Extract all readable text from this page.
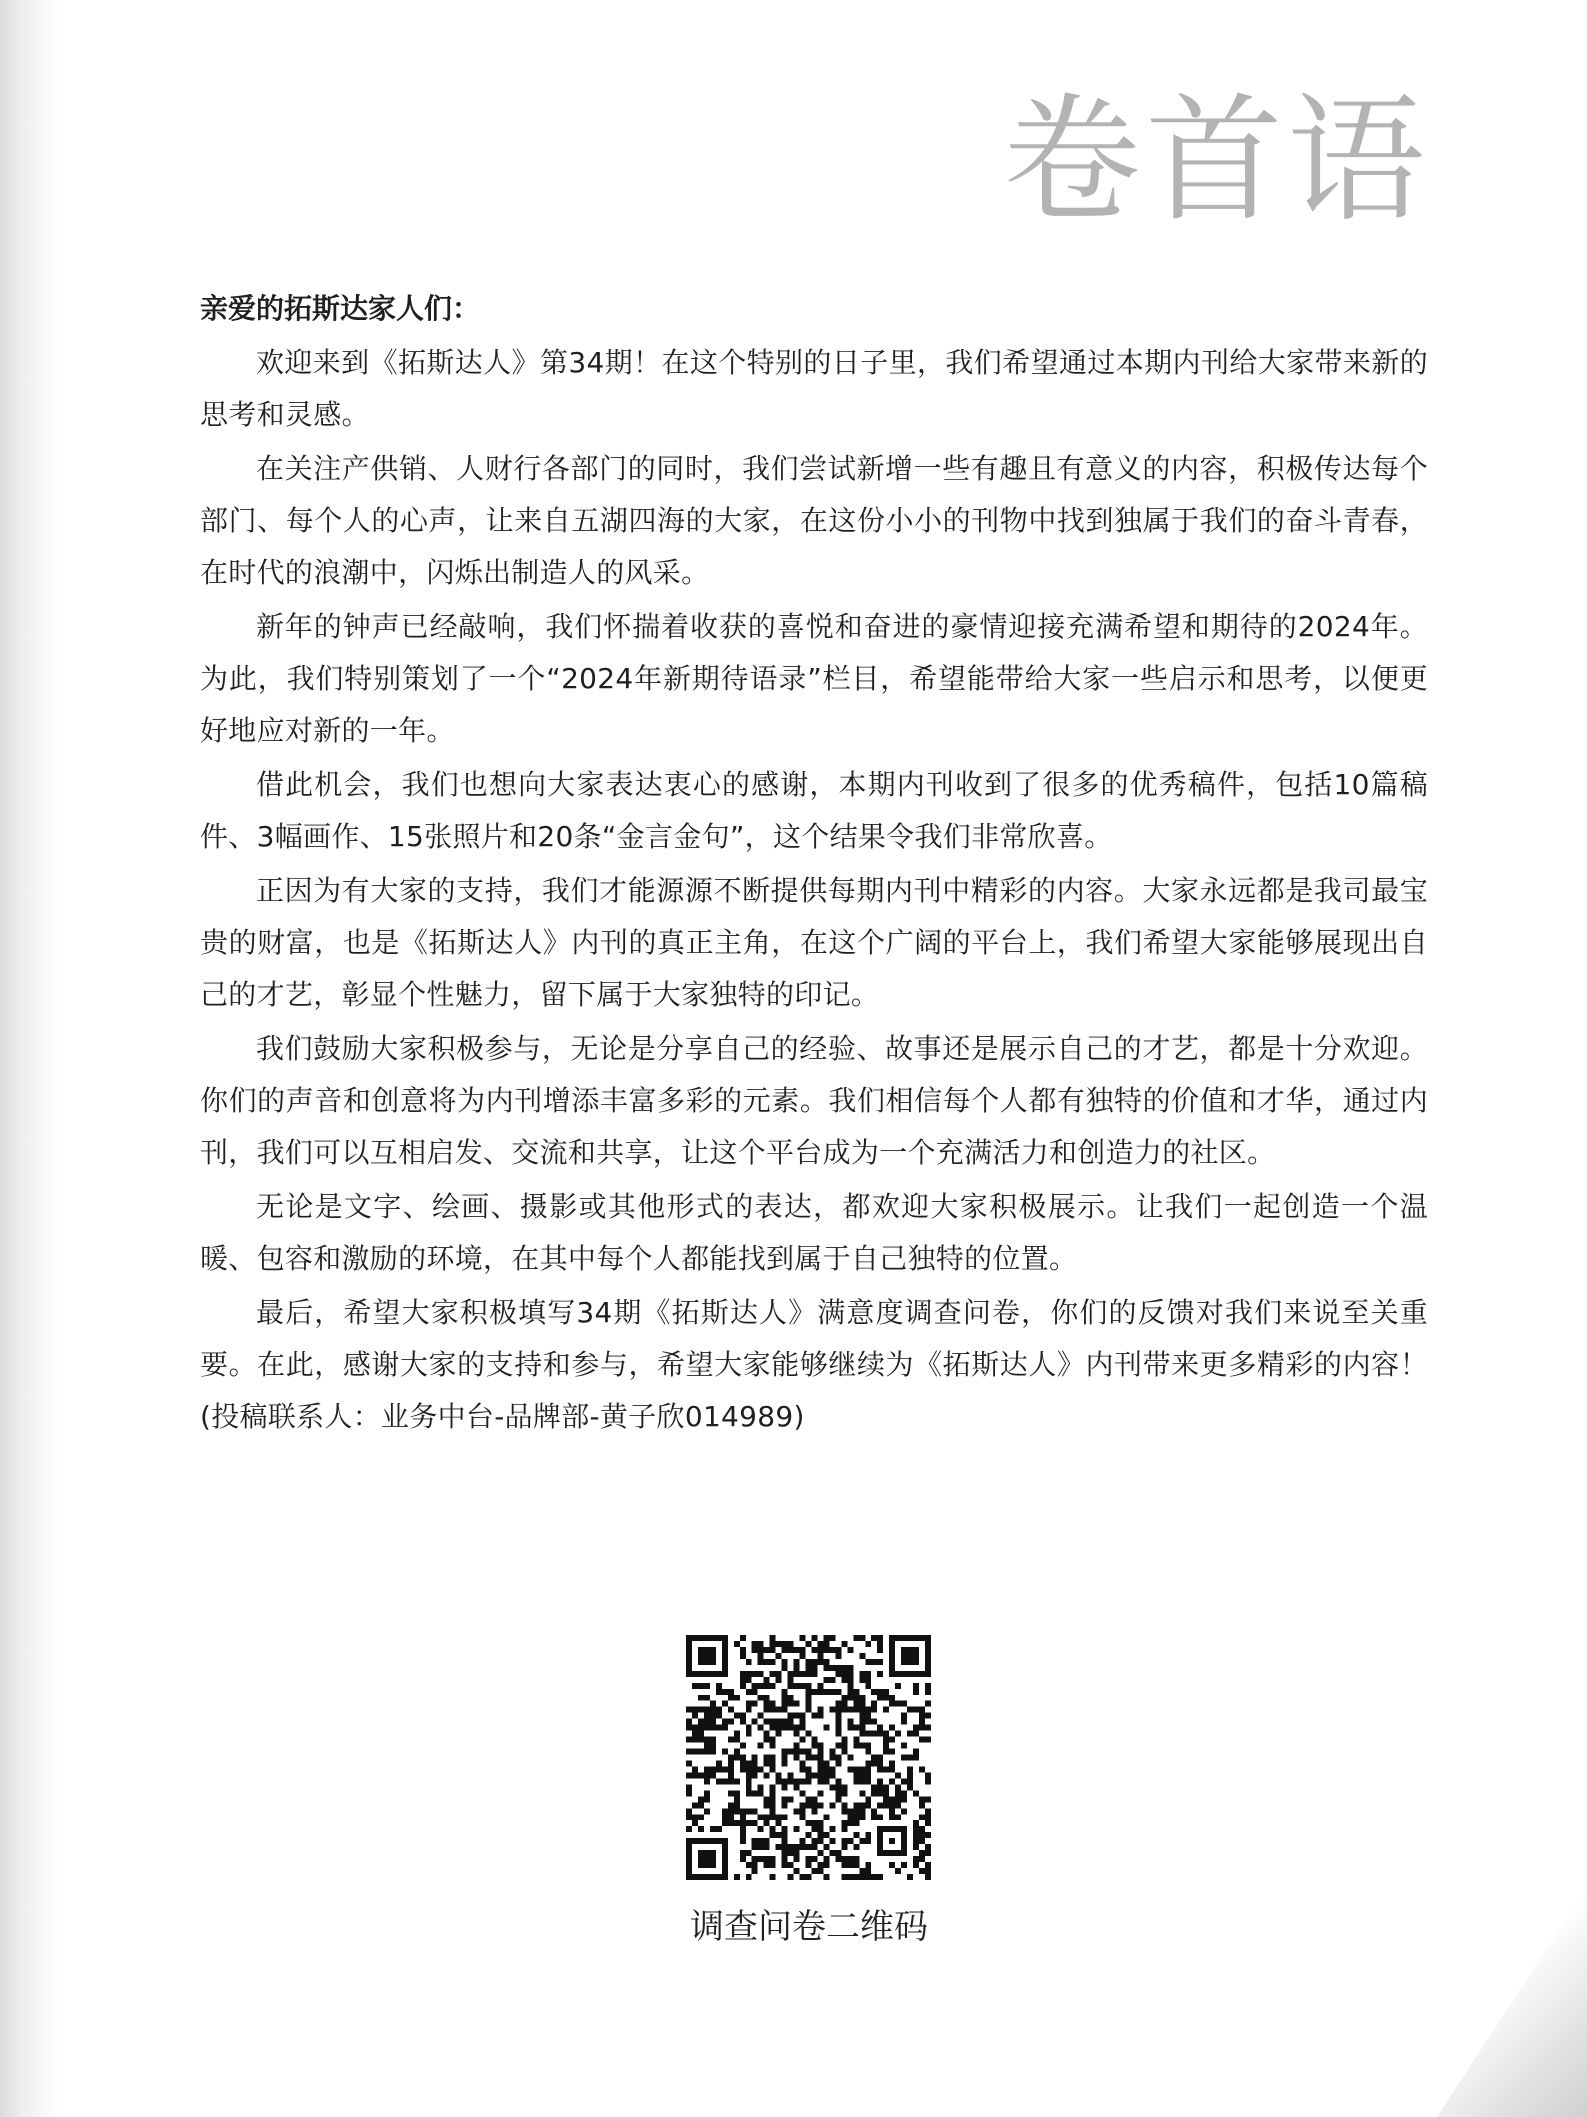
卷首语

亲爱的拓斯达家人们：

欢迎来到《拓斯达人》第34期！在这个特别的日子里，我们希望通过本期内刊给大家带来新的思考和灵感。

在关注产供销、人财行各部门的同时，我们尝试新增一些有趣且有意义的内容，积极传达每个部门、每个人的心声，让来自五湖四海的大家，在这份小小的刊物中找到独属于我们的奋斗青春，在时代的浪潮中，闪烁出制造人的风采。

新年的钟声已经敲响，我们怀揣着收获的喜悦和奋进的豪情迎接充满希望和期待的2024年。为此，我们特别策划了一个“2024年新期待语录”栏目，希望能带给大家一些启示和思考，以便更好地应对新的一年。

借此机会，我们也想向大家表达衷心的感谢，本期内刊收到了很多的优秀稿件，包括10篇稿件、3幅画作、15张照片和20条“金言金句”，这个结果令我们非常欣喜。

正因为有大家的支持，我们才能源源不断提供每期内刊中精彩的内容。大家永远都是我司最宝贵的财富，也是《拓斯达人》内刊的真正主角，在这个广阔的平台上，我们希望大家能够展现出自己的才艺，彰显个性魅力，留下属于大家独特的印记。

我们鼓励大家积极参与，无论是分享自己的经验、故事还是展示自己的才艺，都是十分欢迎。你们的声音和创意将为内刊增添丰富多彩的元素。我们相信每个人都有独特的价值和才华，通过内刊，我们可以互相启发、交流和共享，让这个平台成为一个充满活力和创造力的社区。

无论是文字、绘画、摄影或其他形式的表达，都欢迎大家积极展示。让我们一起创造一个温暖、包容和激励的环境，在其中每个人都能找到属于自己独特的位置。

最后，希望大家积极填写34期《拓斯达人》满意度调查问卷，你们的反馈对我们来说至关重要。在此，感谢大家的支持和参与，希望大家能够继续为《拓斯达人》内刊带来更多精彩的内容！(投稿联系人：业务中台-品牌部-黄子欣014989)

调查问卷二维码
